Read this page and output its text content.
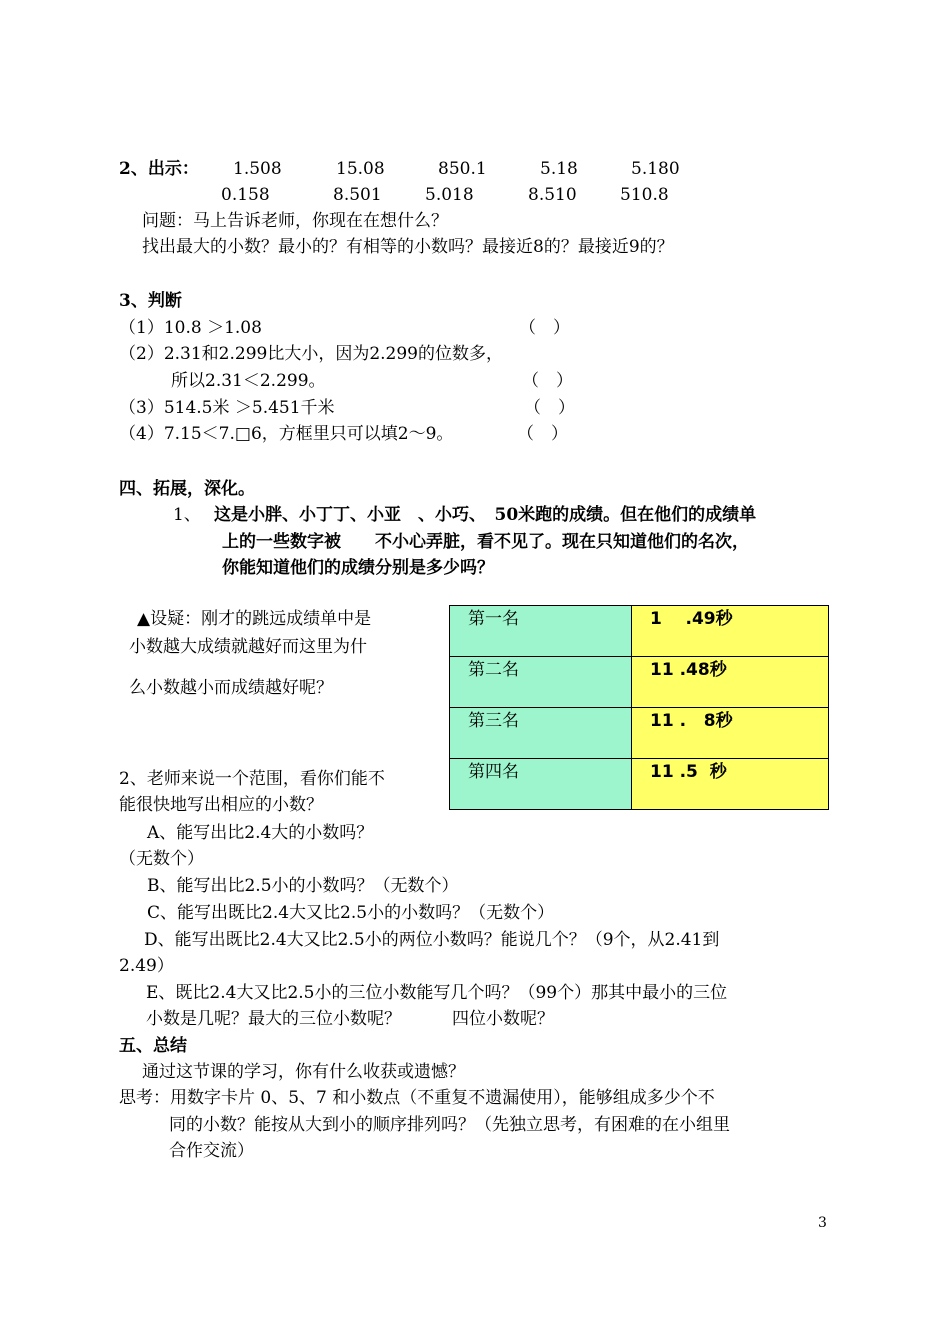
2、出示： 1.508	15.08	850.1	5.18	5.180
0.158	8.501	5.018	8.510	510.8
问题：马上告诉老师，你现在在想什么？
找出最大的小数？最小的？有相等的小数吗？最接近8的？最接近9的？
3、判断
（1）10.8 ＞1.08	（　）
（2）2.31和2.299比大小，因为2.299的位数多，
所以2.31＜2.299。	（　）
（3）514.5米 ＞5.451千米	（　）
（4）7.15＜7.□6，方框里只可以填2～9。	（　）
四、拓展，深化。
1、 这是小胖、小丁丁、小亚　、小巧、　50米跑的成绩。但在他们的成绩单
上的一些数字被　　不小心弄脏，看不见了。现在只知道他们的名次，
你能知道他们的成绩分别是多少吗？
▲设疑：刚才的跳远成绩单中是
小数越大成绩就越好而这里为什
么小数越小而成绩越好呢？
第一名	1    .49秒
第二名	11 .48秒
第三名	11 .   8秒
第四名	11 .5  秒
2、老师来说一个范围，看你们能不
能很快地写出相应的小数？
A、能写出比2.4大的小数吗？
（无数个）
B、能写出比2.5小的小数吗？（无数个）
C、能写出既比2.4大又比2.5小的小数吗？（无数个）
D、能写出既比2.4大又比2.5小的两位小数吗？能说几个？（9个，从2.41到
2.49）
E、既比2.4大又比2.5小的三位小数能写几个吗？（99个）那其中最小的三位
小数是几呢？最大的三位小数呢？　　　四位小数呢？
五、总结
通过这节课的学习，你有什么收获或遗憾？
思考：用数字卡片 0、5、7 和小数点（不重复不遗漏使用），能够组成多少个不
同的小数？能按从大到小的顺序排列吗？（先独立思考，有困难的在小组里
合作交流）
3
